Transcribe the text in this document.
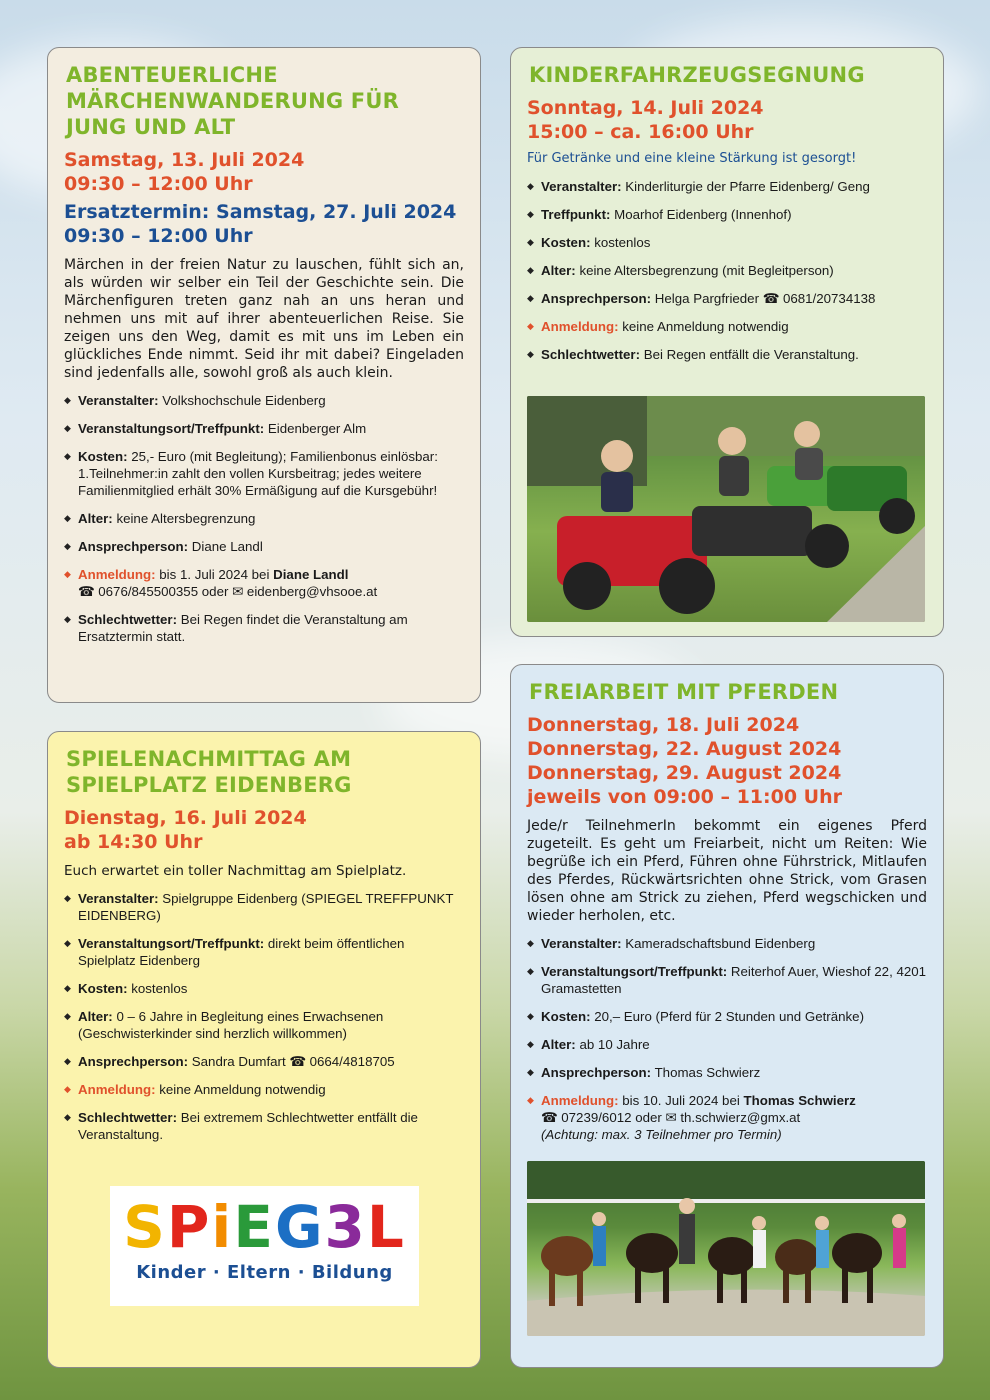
ABENTEUERLICHE MÄRCHENWANDERUNG FÜR JUNG UND ALT
Samstag, 13. Juli 2024
09:30 – 12:00 Uhr
Ersatztermin: Samstag, 27. Juli 2024
09:30 – 12:00 Uhr

Märchen in der freien Natur zu lauschen, fühlt sich an, als würden wir selber ein Teil der Geschichte sein. Die Märchenfiguren treten ganz nah an uns heran und nehmen uns mit auf ihrer abenteuerlichen Reise. Sie zeigen uns den Weg, damit es mit uns im Leben ein glückliches Ende nimmt. Seid ihr mit dabei? Eingeladen sind jedenfalls alle, sowohl groß als auch klein.

◆ Veranstalter: Volkshochschule Eidenberg
◆ Veranstaltungsort/Treffpunkt: Eidenberger Alm
◆ Kosten: 25,- Euro (mit Begleitung); Familienbonus einlösbar: 1.Teilnehmer:in zahlt den vollen Kursbeitrag; jedes weitere Familienmitglied erhält 30% Ermäßigung auf die Kursgebühr!
◆ Alter: keine Altersbegrenzung
◆ Ansprechperson: Diane Landl
◆ Anmeldung: bis 1. Juli 2024 bei Diane Landl
☎ 0676/845500355 oder ✉ eidenberg@vhsooe.at
◆ Schlechtwetter: Bei Regen findet die Veranstaltung am Ersatztermin statt.
KINDERFAHRZEUGSEGNUNG
Sonntag, 14. Juli 2024
15:00 – ca. 16:00 Uhr
Für Getränke und eine kleine Stärkung ist gesorgt!
◆ Veranstalter: Kinderliturgie der Pfarre Eidenberg/ Geng
◆ Treffpunkt: Moarhof Eidenberg (Innenhof)
◆ Kosten: kostenlos
◆ Alter: keine Altersbegrenzung (mit Begleitperson)
◆ Ansprechperson: Helga Pargfrieder ☎ 0681/20734138
◆ Anmeldung: keine Anmeldung notwendig
◆ Schlechtwetter: Bei Regen entfällt die Veranstaltung.
SPIELENACHMITTAG AM SPIELPLATZ EIDENBERG
Dienstag, 16. Juli 2024
ab 14:30 Uhr

Euch erwartet ein toller Nachmittag am Spielplatz.

◆ Veranstalter: Spielgruppe Eidenberg (SPIEGEL TREFFPUNKT EIDENBERG)
◆ Veranstaltungsort/Treffpunkt: direkt beim öffentlichen Spielplatz Eidenberg
◆ Kosten: kostenlos
◆ Alter: 0 – 6 Jahre in Begleitung eines Erwachsenen (Geschwisterkinder sind herzlich willkommen)
◆ Ansprechperson: Sandra Dumfart ☎ 0664/4818705
◆ Anmeldung: keine Anmeldung notwendig
◆ Schlechtwetter: Bei extremem Schlechtwetter entfällt die Veranstaltung.
SPiEG3L
Kinder · Eltern · Bildung
FREIARBEIT MIT PFERDEN
Donnerstag, 18. Juli 2024
Donnerstag, 22. August 2024
Donnerstag, 29. August 2024
jeweils von 09:00 – 11:00 Uhr

Jede/r TeilnehmerIn bekommt ein eigenes Pferd zugeteilt. Es geht um Freiarbeit, nicht um Reiten: Wie begrüße ich ein Pferd, Führen ohne Führstrick, Mitlaufen des Pferdes, Rückwärtsrichten ohne Strick, vom Grasen lösen ohne am Strick zu ziehen, Pferd wegschicken und wieder herholen, etc.

◆ Veranstalter: Kameradschaftsbund Eidenberg
◆ Veranstaltungsort/Treffpunkt: Reiterhof Auer, Wieshof 22, 4201 Gramastetten
◆ Kosten: 20,– Euro (Pferd für 2 Stunden und Getränke)
◆ Alter: ab 10 Jahre
◆ Ansprechperson: Thomas Schwierz
◆ Anmeldung: bis 10. Juli 2024 bei Thomas Schwierz
☎ 07239/6012 oder ✉ th.schwierz@gmx.at
(Achtung: max. 3 Teilnehmer pro Termin)
